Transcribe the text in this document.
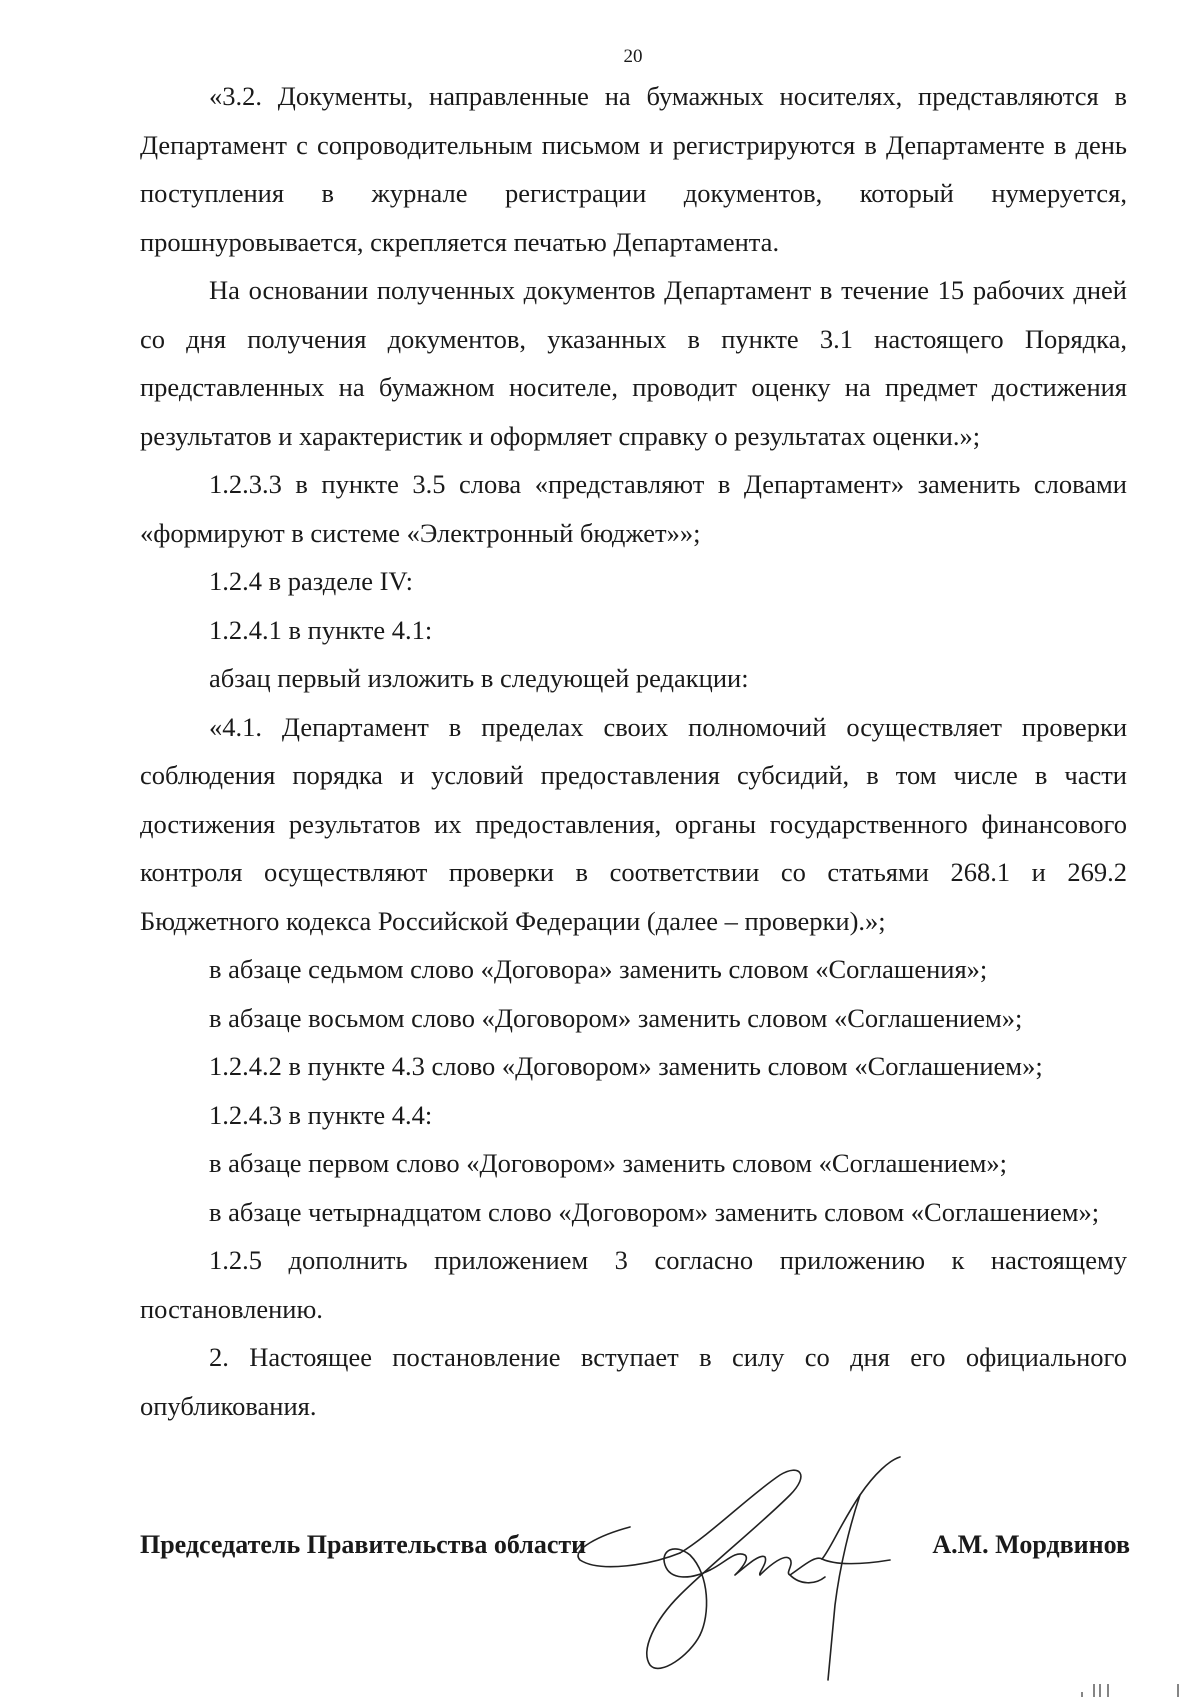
20

«3.2. Документы, направленные на бумажных носителях, представляются в Департамент с сопроводительным письмом и регистрируются в Департаменте в день поступления в журнале регистрации документов, который нумеруется, прошнуровывается, скрепляется печатью Департамента.

На основании полученных документов Департамент в течение 15 рабочих дней со дня получения документов, указанных в пункте 3.1 настоящего Порядка, представленных на бумажном носителе, проводит оценку на предмет достижения результатов и характеристик и оформляет справку о результатах оценки.»;

1.2.3.3 в пункте 3.5 слова «представляют в Департамент» заменить словами «формируют в системе «Электронный бюджет»»;

1.2.4 в разделе IV:

1.2.4.1 в пункте 4.1:

абзац первый изложить в следующей редакции:

«4.1. Департамент в пределах своих полномочий осуществляет проверки соблюдения порядка и условий предоставления субсидий, в том числе в части достижения результатов их предоставления, органы государственного финансового контроля осуществляют проверки в соответствии со статьями 268.1 и 269.2 Бюджетного кодекса Российской Федерации (далее – проверки).»;

в абзаце седьмом слово «Договора» заменить словом «Соглашения»;

в абзаце восьмом слово «Договором» заменить словом «Соглашением»;

1.2.4.2 в пункте 4.3 слово «Договором» заменить словом «Соглашением»;

1.2.4.3 в пункте 4.4:

в абзаце первом слово «Договором» заменить словом «Соглашением»;

в абзаце четырнадцатом слово «Договором» заменить словом «Соглашением»;

1.2.5 дополнить приложением 3 согласно приложению к настоящему постановлению.

2. Настоящее постановление вступает в силу со дня его официального опубликования.

Председатель Правительства области	А.М. Мордвинов
